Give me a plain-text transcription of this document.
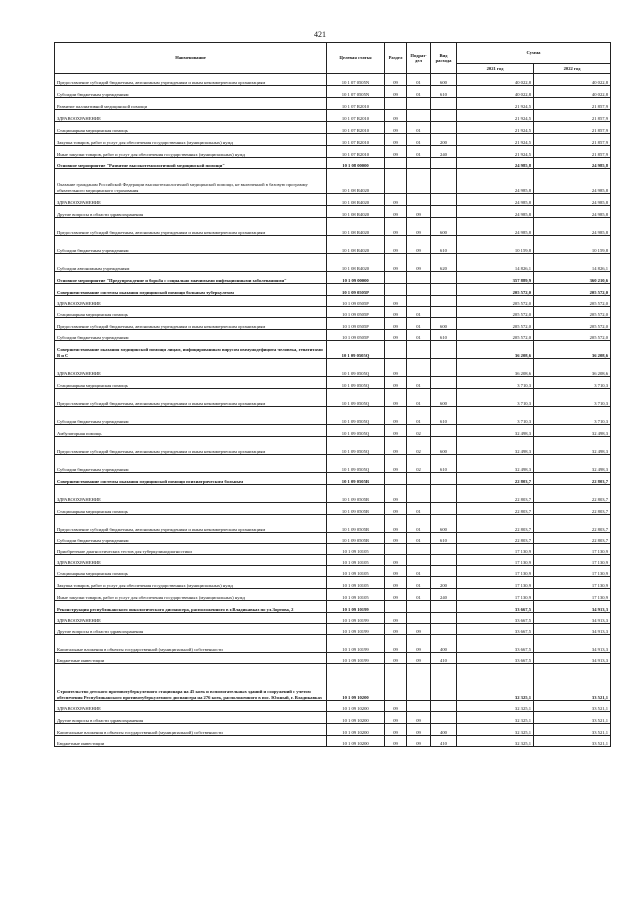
421
Наименование	Целевая статья	Раздел	Подраз-дел	Вид расхода	Сумма	
					2021 год	2022 год
Предоставление субсидий бюджетным, автономным учреждениям и иным некоммерческим организациям	10 1 07 0505N	09	01	600	40 022,8	40 022,8
Субсидии бюджетным учреждениям	10 1 07 0505N	09	01	610	40 022,8	40 022,8
Развитие паллиативной медицинской помощи	10 1 07 R2010				21 924,5	21 857,9
ЗДРАВООХРАНЕНИЕ	10 1 07 R2010	09			21 924,5	21 857,9
Стационарная медицинская помощь	10 1 07 R2010	09	01		21 924,5	21 857,9
Закупка товаров, работ и услуг для обеспечения государственных (муниципальных) нужд	10 1 07 R2010	09	01	200	21 924,5	21 857,9
Иные закупки товаров, работ и услуг для обеспечения государственных (муниципальных) нужд	10 1 07 R2010	09	01	240	21 924,5	21 857,9
Основное мероприятие "Развитие высокотехнологичной медицинской помощи"	10 1 08 00000				24 985,8	24 985,8
Оказание гражданам Российской Федерации высокотехнологичной медицинской помощи, не включенной в базовую программу обязательного медицинского страхования	10 1 08 R4020				24 985,8	24 985,8
ЗДРАВООХРАНЕНИЕ	10 1 08 R4020	09			24 985,8	24 985,8
Другие вопросы в области здравоохранения	10 1 08 R4020	09	09		24 985,8	24 985,8
Предоставление субсидий бюджетным, автономным учреждениям и иным некоммерческим организациям	10 1 08 R4020	09	09	600	24 985,8	24 985,8
Субсидии бюджетным учреждениям	10 1 08 R4020	09	09	610	10 159,8	10 159,8
Субсидии автономным учреждениям	10 1 08 R4020	09	09	620	14 826,1	14 826,1
Основное мероприятие "Предупреждение и борьба с социально значимыми инфекционными заболеваниями"	10 1 09 00000				357 889,9	360 210,6
Совершенствование системы оказания медицинской помощи больным туберкулезом	10 1 09 0505P				205 572,0	205 572,0
ЗДРАВООХРАНЕНИЕ	10 1 09 0505P	09			205 572,0	205 572,0
Стационарная медицинская помощь	10 1 09 0505P	09	01		205 572,0	205 572,0
Предоставление субсидий бюджетным, автономным учреждениям и иным некоммерческим организациям	10 1 09 0505P	09	01	600	205 572,0	205 572,0
Субсидии бюджетным учреждениям	10 1 09 0505P	09	01	610	205 572,0	205 572,0
Совершенствование оказания медицинской помощи лицам, инфицированным вирусом иммунодефицита человека, гепатитами B и C	10 1 09 0505Q				36 208,6	36 208,6
ЗДРАВООХРАНЕНИЕ	10 1 09 0505Q	09			36 208,6	36 208,6
Стационарная медицинская помощь	10 1 09 0505Q	09	01		3 710,3	3 710,3
Предоставление субсидий бюджетным, автономным учреждениям и иным некоммерческим организациям	10 1 09 0505Q	09	01	600	3 710,3	3 710,3
Субсидии бюджетным учреждениям	10 1 09 0505Q	09	01	610	3 710,3	3 710,3
Амбулаторная помощь	10 1 09 0505Q	09	02		32 498,3	32 498,3
Предоставление субсидий бюджетным, автономным учреждениям и иным некоммерческим организациям	10 1 09 0505Q	09	02	600	32 498,3	32 498,3
Субсидии бюджетным учреждениям	10 1 09 0505Q	09	02	610	32 498,3	32 498,3
Совершенствование системы оказания медицинской помощи психиатрическим больным	10 1 09 0505R				22 803,7	22 803,7
ЗДРАВООХРАНЕНИЕ	10 1 09 0505R	09			22 803,7	22 803,7
Стационарная медицинская помощь	10 1 09 0505R	09	01		22 803,7	22 803,7
Предоставление субсидий бюджетным, автономным учреждениям и иным некоммерческим организациям	10 1 09 0505R	09	01	600	22 803,7	22 803,7
Субсидии бюджетным учреждениям	10 1 09 0505R	09	01	610	22 803,7	22 803,7
Приобретение диагностических тестов для туберкулинодиагностики	10 1 09 10105				17 130,9	17 130,9
ЗДРАВООХРАНЕНИЕ	10 1 09 10105	09			17 130,9	17 130,9
Стационарная медицинская помощь	10 1 09 10105	09	01		17 130,9	17 130,9
Закупка товаров, работ и услуг для обеспечения государственных (муниципальных) нужд	10 1 09 10105	09	01	200	17 130,9	17 130,9
Иные закупки товаров, работ и услуг для обеспечения государственных (муниципальных) нужд	10 1 09 10105	09	01	240	17 130,9	17 130,9
Реконструкция республиканского онкологического диспансера, расположенного в г.Владикавказ по ул.Зортова, 2	10 1 09 10199				33 667,5	34 913,3
ЗДРАВООХРАНЕНИЕ	10 1 09 10199	09			33 667,5	34 913,3
Другие вопросы в области здравоохранения	10 1 09 10199	09	09		33 667,5	34 913,3
Капитальные вложения в объекты государственной (муниципальной) собственности	10 1 09 10199	09	09	400	33 667,5	34 913,3
Бюджетные инвестиции	10 1 09 10199	09	09	410	33 667,5	34 913,3
Строительство детского противотуберкулезного стационара на 45 коек и вспомогательных зданий и сооружений с учетом обеспечения Республиканского противотуберкулезного диспансера на 276 коек, расположенного в пос. Южный, г. Владикавказ	10 1 09 10200				32 325,1	33 521,1
ЗДРАВООХРАНЕНИЕ	10 1 09 10200	09			32 325,1	33 521,1
Другие вопросы в области здравоохранения	10 1 09 10200	09	09		32 325,1	33 521,1
Капитальные вложения в объекты государственной (муниципальной) собственности	10 1 09 10200	09	09	400	32 325,1	33 521,1
Бюджетные инвестиции	10 1 09 10200	09	09	410	32 325,1	33 521,1
